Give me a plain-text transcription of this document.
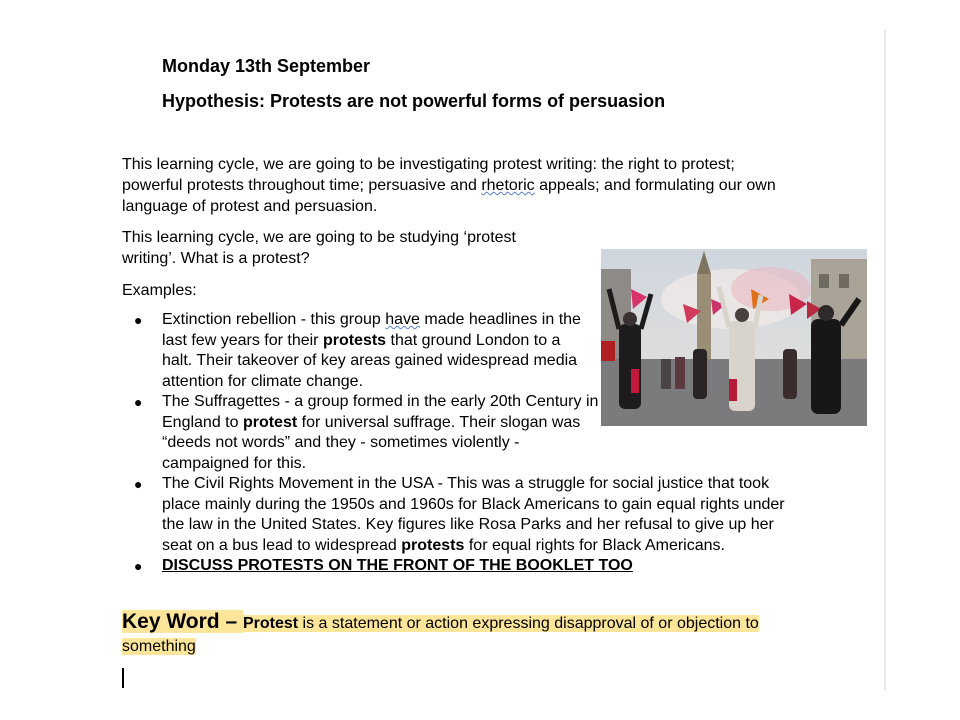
Monday 13th September
Hypothesis: Protests are not powerful forms of persuasion
This learning cycle, we are going to be investigating protest writing: the right to protest; powerful protests throughout time; persuasive and rhetoric appeals; and formulating our own language of protest and persuasion.
This learning cycle, we are going to be studying ‘protest writing’. What is a protest?
Examples:
● Extinction rebellion - this group have made headlines in the last few years for their protests that ground London to a halt. Their takeover of key areas gained widespread media attention for climate change.
● The Suffragettes - a group formed in the early 20th Century in England to protest for universal suffrage. Their slogan was “deeds not words” and they - sometimes violently - campaigned for this.
● The Civil Rights Movement in the USA - This was a struggle for social justice that took place mainly during the 1950s and 1960s for Black Americans to gain equal rights under the law in the United States. Key figures like Rosa Parks and her refusal to give up her seat on a bus lead to widespread protests for equal rights for Black Americans.
● DISCUSS PROTESTS ON THE FRONT OF THE BOOKLET TOO
Key Word – Protest is a statement or action expressing disapproval of or objection to something
